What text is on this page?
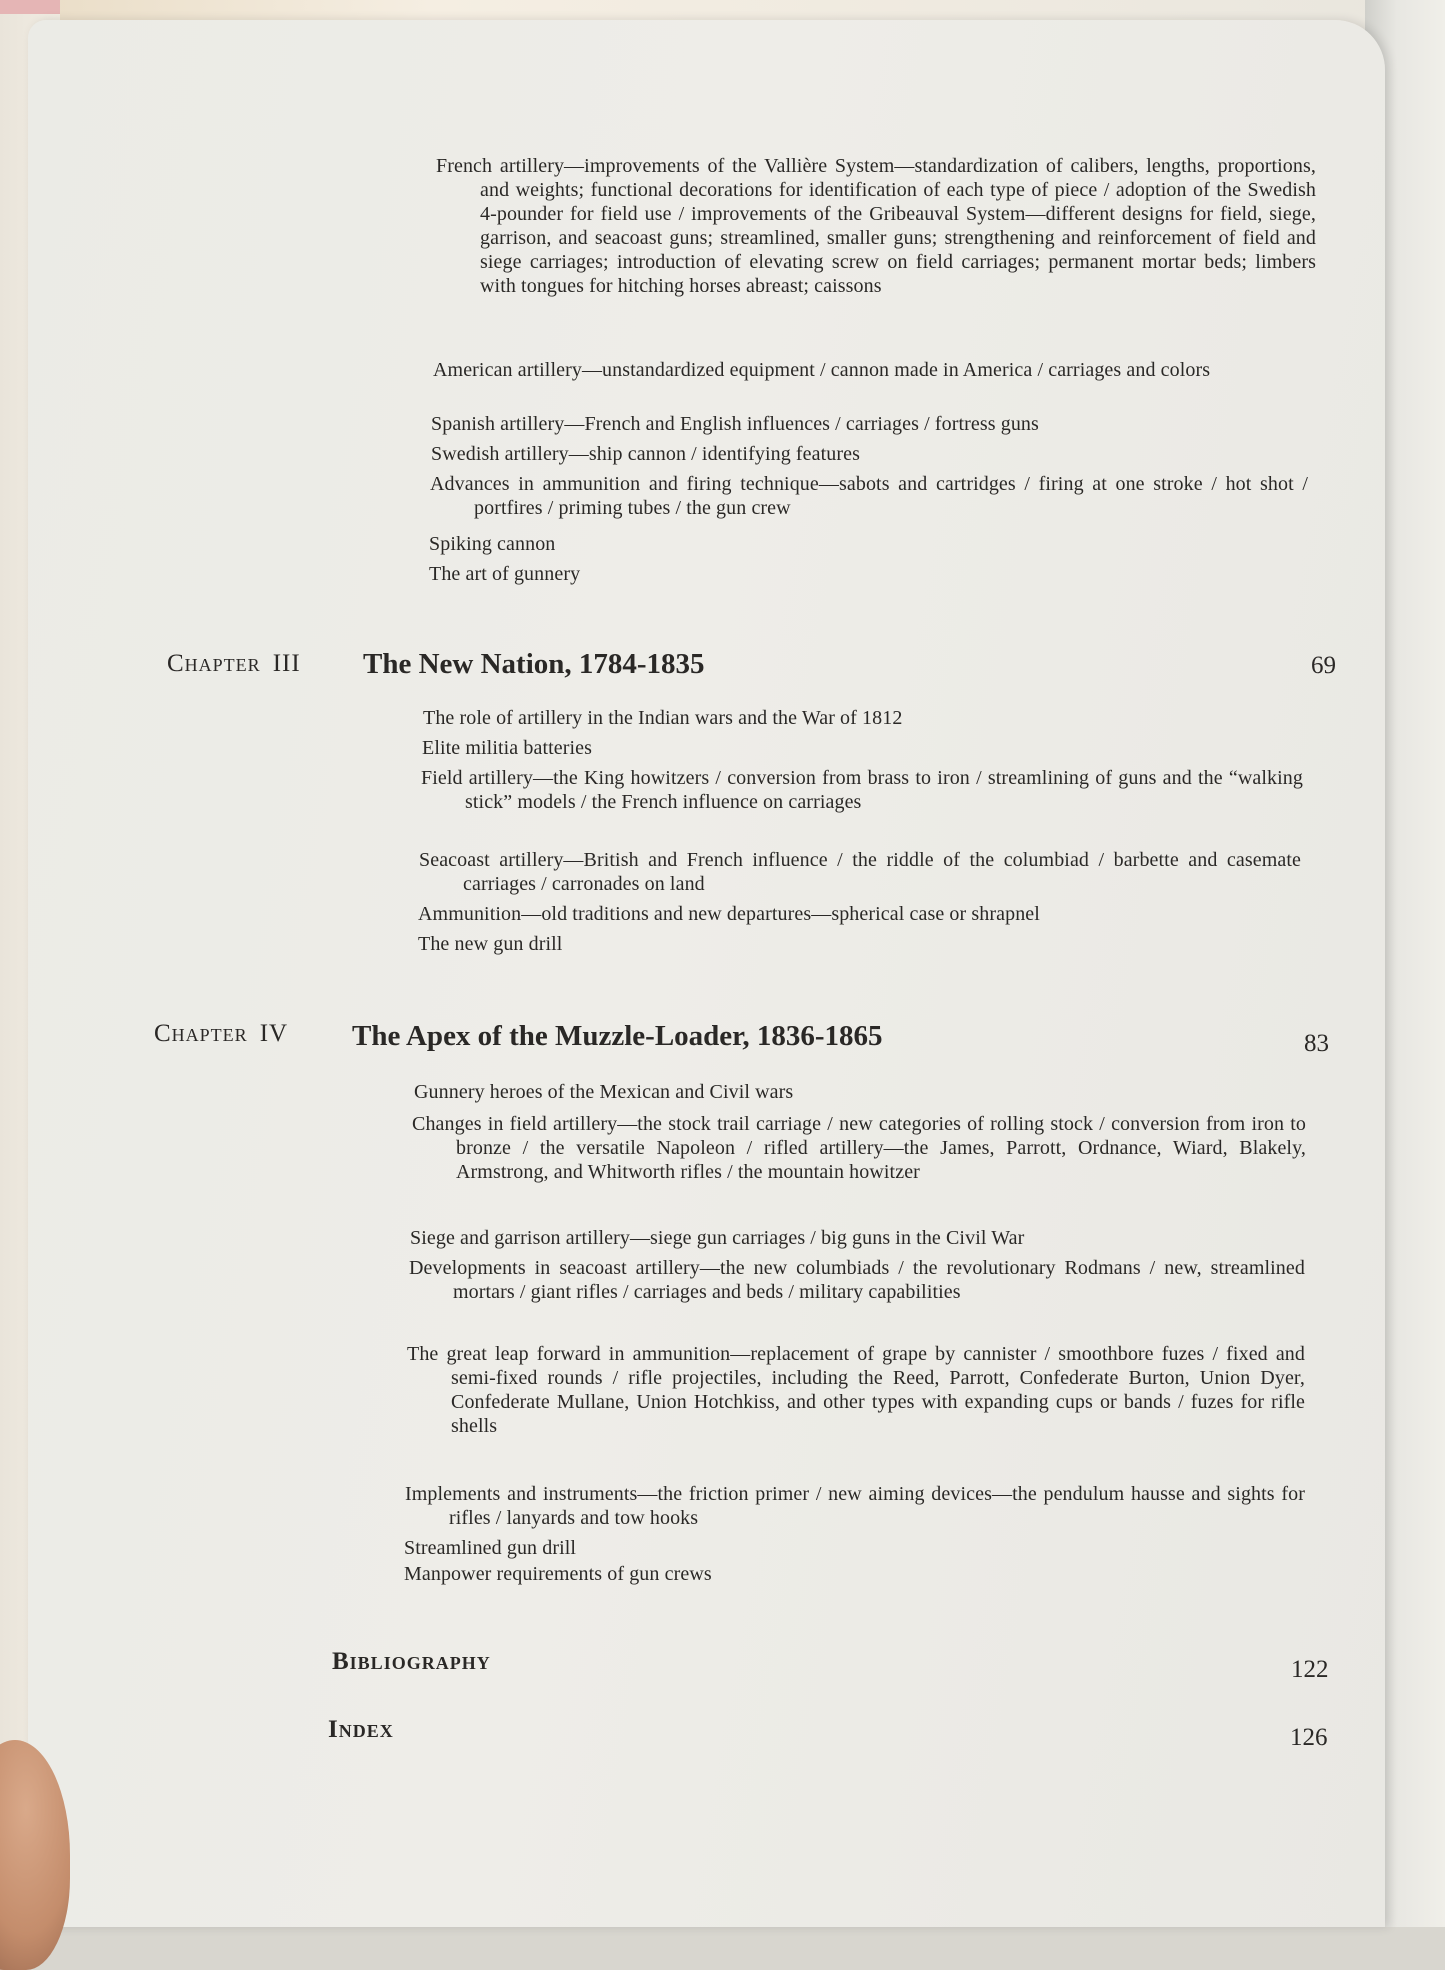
French artillery—improvements of the Vallière System—standardization of calibers, lengths, proportions, and weights; functional decorations for identification of each type of piece / adoption of the Swedish 4-pounder for field use / improvements of the Gribeauval System—different designs for field, siege, garrison, and seacoast guns; streamlined, smaller guns; strengthening and reinforcement of field and siege carriages; introduction of elevating screw on field carriages; permanent mortar beds; limbers with tongues for hitching horses abreast; caissons
American artillery—unstandardized equipment / cannon made in America / carriages and colors
Spanish artillery—French and English influences / carriages / fortress guns
Swedish artillery—ship cannon / identifying features
Advances in ammunition and firing technique—sabots and cartridges / firing at one stroke / hot shot / portfires / priming tubes / the gun crew
Spiking cannon
The art of gunnery
Chapter III The New Nation, 1784-1835	69
The role of artillery in the Indian wars and the War of 1812
Elite militia batteries
Field artillery—the King howitzers / conversion from brass to iron / streamlining of guns and the “walking stick” models / the French influence on carriages
Seacoast artillery—British and French influence / the riddle of the columbiad / barbette and casemate carriages / carronades on land
Ammunition—old traditions and new departures—spherical case or shrapnel
The new gun drill
Chapter IV The Apex of the Muzzle-Loader, 1836-1865	83
Gunnery heroes of the Mexican and Civil wars
Changes in field artillery—the stock trail carriage / new categories of rolling stock / conversion from iron to bronze / the versatile Napoleon / rifled artillery—the James, Parrott, Ordnance, Wiard, Blakely, Armstrong, and Whitworth rifles / the mountain howitzer
Siege and garrison artillery—siege gun carriages / big guns in the Civil War
Developments in seacoast artillery—the new columbiads / the revolutionary Rodmans / new, streamlined mortars / giant rifles / carriages and beds / military capabilities
The great leap forward in ammunition—replacement of grape by cannister / smoothbore fuzes / fixed and semi-fixed rounds / rifle projectiles, including the Reed, Parrott, Confederate Burton, Union Dyer, Confederate Mullane, Union Hotchkiss, and other types with expanding cups or bands / fuzes for rifle shells
Implements and instruments—the friction primer / new aiming devices—the pendulum hausse and sights for rifles / lanyards and tow hooks
Streamlined gun drill
Manpower requirements of gun crews
Bibliography	122
Index	126
